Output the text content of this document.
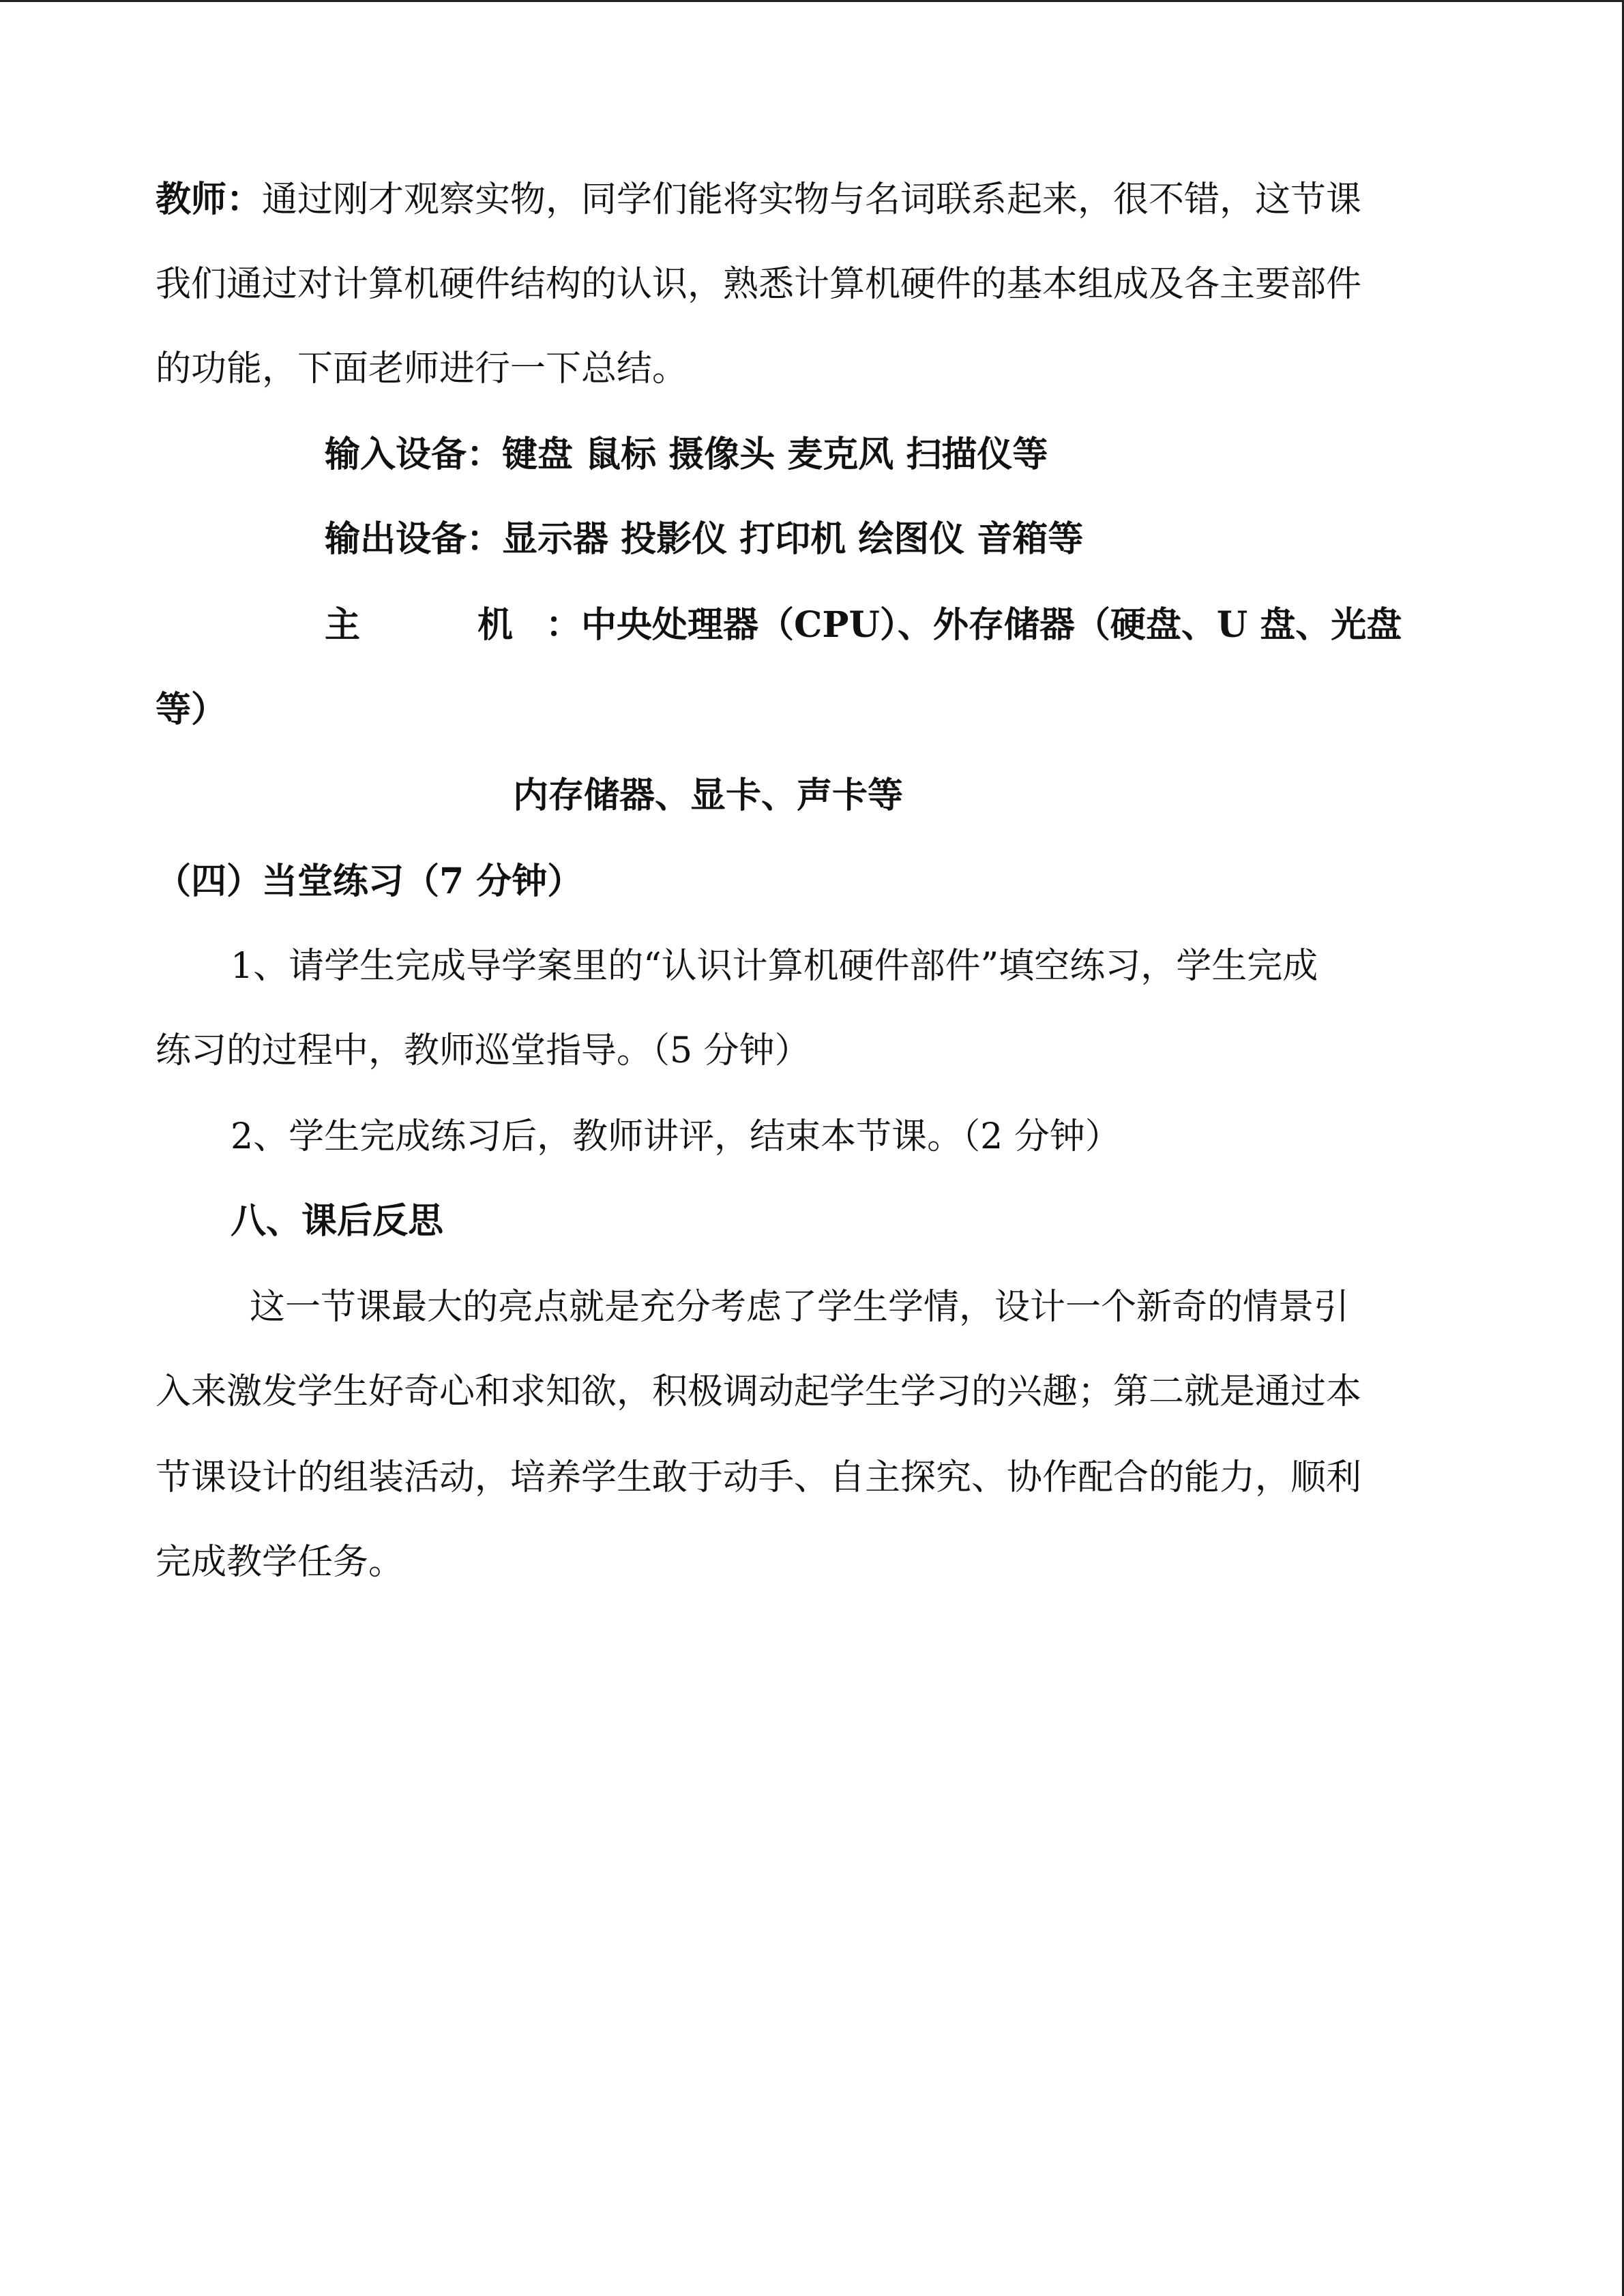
教师：通过刚才观察实物，同学们能将实物与名词联系起来，很不错，这节课
我们通过对计算机硬件结构的认识，熟悉计算机硬件的基本组成及各主要部件
的功能，下面老师进行一下总结。
输入设备：键盘 鼠标 摄像头 麦克风 扫描仪等
输出设备：显示器 投影仪 打印机 绘图仪 音箱等
主	机 ：中央处理器（CPU）、外存储器（硬盘、U 盘、光盘
等）
内存储器、显卡、声卡等
（四）当堂练习（7 分钟）
1、请学生完成导学案里的“认识计算机硬件部件”填空练习，学生完成
练习的过程中，教师巡堂指导。（5 分钟）
2、学生完成练习后，教师讲评，结束本节课。（2 分钟）
八、课后反思
这一节课最大的亮点就是充分考虑了学生学情，设计一个新奇的情景引
入来激发学生好奇心和求知欲，积极调动起学生学习的兴趣；第二就是通过本
节课设计的组装活动，培养学生敢于动手、自主探究、协作配合的能力，顺利
完成教学任务。
